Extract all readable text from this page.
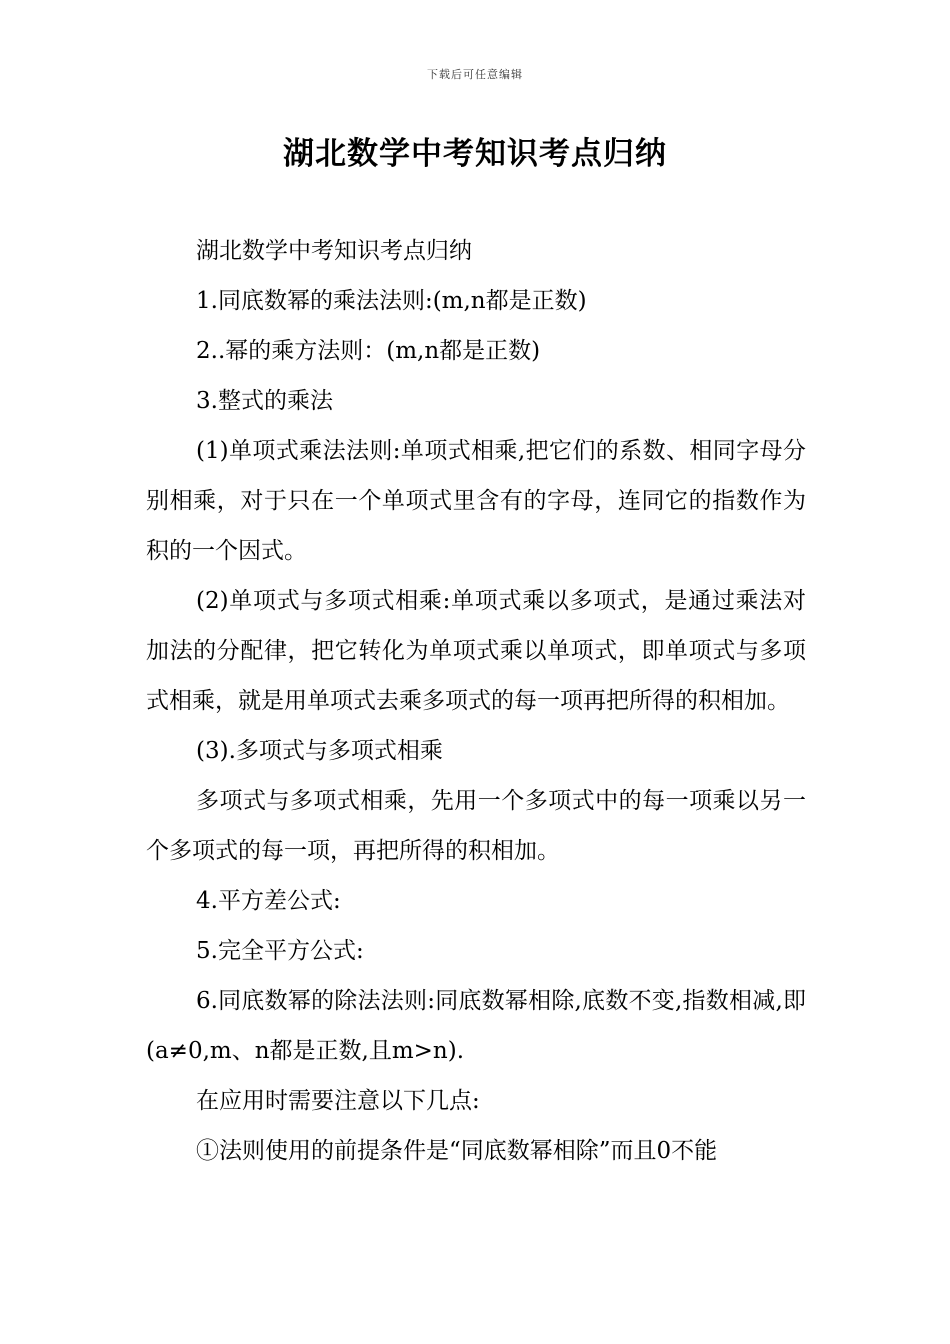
下载后可任意编辑
湖北数学中考知识考点归纳

湖北数学中考知识考点归纳

1.同底数幂的乘法法则:(m,n都是正数)

2..幂的乘方法则：(m,n都是正数)

3.整式的乘法

(1)单项式乘法法则:单项式相乘,把它们的系数、相同字母分别相乘，对于只在一个单项式里含有的字母，连同它的指数作为积的一个因式。

(2)单项式与多项式相乘:单项式乘以多项式，是通过乘法对加法的分配律，把它转化为单项式乘以单项式，即单项式与多项式相乘，就是用单项式去乘多项式的每一项再把所得的积相加。

(3).多项式与多项式相乘

多项式与多项式相乘，先用一个多项式中的每一项乘以另一个多项式的每一项，再把所得的积相加。

4.平方差公式:

5.完全平方公式:

6.同底数幂的除法法则:同底数幂相除,底数不变,指数相减,即(a≠0,m、n都是正数,且m>n).

在应用时需要注意以下几点:

①法则使用的前提条件是“同底数幂相除”而且0不能
